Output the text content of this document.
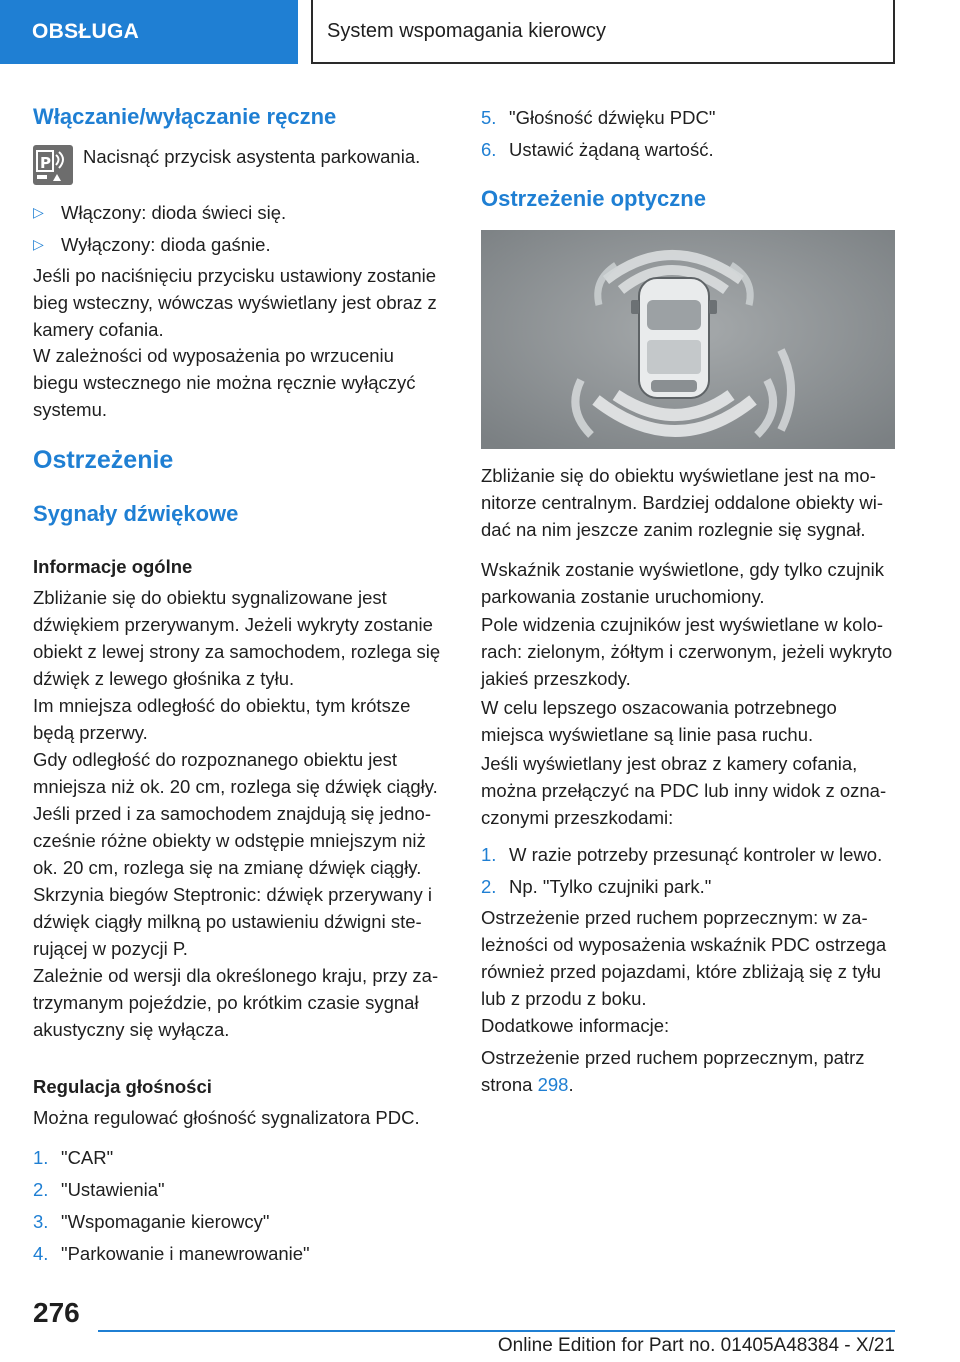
OBSŁUGA	System wspomagania kierowcy
Włączanie/wyłączanie ręczne
P Nacisnąć przycisk asystenta parkowania.

▷ Włączony: dioda świeci się.
▷ Wyłączony: dioda gaśnie.

Jeśli po naciśnięciu przycisku ustawiony zostanie bieg wsteczny, wówczas wyświetlany jest obraz z kamery cofania.

W zależności od wyposażenia po wrzuceniu biegu wstecznego nie można ręcznie wyłączyć systemu.

Ostrzeżenie
Sygnały dźwiękowe
Informacje ogólne

Zbliżanie się do obiektu sygnalizowane jest dźwiękiem przerywanym. Jeżeli wykryty zostanie obiekt z lewej strony za samochodem, rozlega się dźwięk z lewego głośnika z tyłu.

Im mniejsza odległość do obiektu, tym krótsze będą przerwy.

Gdy odległość do rozpoznanego obiektu jest mniejsza niż ok. 20 cm, rozlega się dźwięk ciągły.

Jeśli przed i za samochodem znajdują się jednocześnie różne obiekty w odstępie mniejszym niż ok. 20 cm, rozlega się na zmianę dźwięk ciągły.

Skrzynia biegów Steptronic: dźwięk przerywany i dźwięk ciągły milkną po ustawieniu dźwigni sterującej w pozycji P.

Zależnie od wersji dla określonego kraju, przy zatrzymanym pojeździe, po krótkim czasie sygnał akustyczny się wyłącza.

Regulacja głośności

Można regulować głośność sygnalizatora PDC.

1. "CAR"
2. "Ustawienia"
3. "Wspomaganie kierowcy"
4. "Parkowanie i manewrowanie"
5. "Głośność dźwięku PDC"
6. Ustawić żądaną wartość.
Ostrzeżenie optyczne

Zbliżanie się do obiektu wyświetlane jest na monitorze centralnym. Bardziej oddalone obiekty widać na nim jeszcze zanim rozlegnie się sygnał.

Wskaźnik zostanie wyświetlone, gdy tylko czujnik parkowania zostanie uruchomiony.

Pole widzenia czujników jest wyświetlane w kolorach: zielonym, żółtym i czerwonym, jeżeli wykryto jakieś przeszkody.

W celu lepszego oszacowania potrzebnego miejsca wyświetlane są linie pasa ruchu.

Jeśli wyświetlany jest obraz z kamery cofania, można przełączyć na PDC lub inny widok z oznaczonymi przeszkodami:

1. W razie potrzeby przesunąć kontroler w lewo.
2. Np. "Tylko czujniki park."

Ostrzeżenie przed ruchem poprzecznym: w zależności od wyposażenia wskaźnik PDC ostrzega również przed pojazdami, które zbliżają się z tyłu lub z przodu z boku.

Dodatkowe informacje:

Ostrzeżenie przed ruchem poprzecznym, patrz strona 298.

276
Online Edition for Part no. 01405A48384 - X/21
